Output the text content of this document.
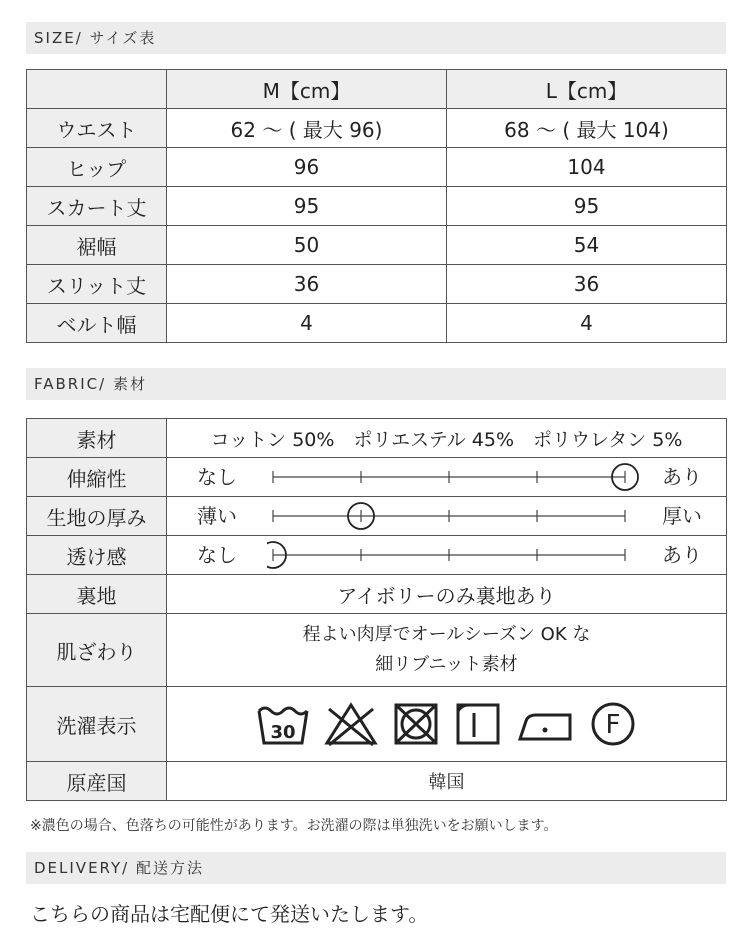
SIZE/ サイズ表
	M【cm】	L【cm】
ウエスト	62 〜 ( 最大 96)	68 〜 ( 最大 104)
ヒップ	96	104
スカート丈	95	95
裾幅	50	54
スリット丈	36	36
ベルト幅	4	4
FABRIC/ 素材
素材	コットン 50%　ポリエステル 45%　ポリウレタン 5%
伸縮性	なし あり

生地の厚み	薄い 厚い

透け感	なし あり

裏地	アイボリーのみ裏地あり
肌ざわり	程よい肉厚でオールシーズン OK な
細リブニット素材

洗濯表示	30 F

原産国	韓国
※濃色の場合、色落ちの可能性があります。お洗濯の際は単独洗いをお願いします。
DELIVERY/ 配送方法
こちらの商品は宅配便にて発送いたします。
